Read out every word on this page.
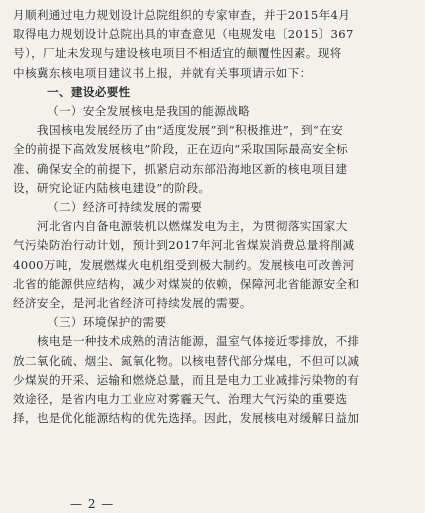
月顺利通过电力规划设计总院组织的专家审查，并于2015年4月
取得电力规划设计总院出具的审查意见（电规发电〔2015〕367
号），厂址未发现与建设核电项目不相适宜的颠覆性因素。现将
中核冀东核电项目建议书上报，并就有关事项请示如下：
一、建设必要性
（一）安全发展核电是我国的能源战略
我国核电发展经历了由“适度发展”到“积极推进”，到“在安
全的前提下高效发展核电”阶段，正在迈向“采取国际最高安全标
准、确保安全的前提下，抓紧启动东部沿海地区新的核电项目建
设，研究论证内陆核电建设”的阶段。
（二）经济可持续发展的需要
河北省内自备电源装机以燃煤发电为主，为贯彻落实国家大
气污染防治行动计划，预计到2017年河北省煤炭消费总量将削减
4000万吨，发展燃煤火电机组受到极大制约。发展核电可改善河
北省的能源供应结构，减少对煤炭的依赖，保障河北省能源安全和
经济安全，是河北省经济可持续发展的需要。
（三）环境保护的需要
核电是一种技术成熟的清洁能源，温室气体接近零排放，不排
放二氧化硫、烟尘、氮氧化物。以核电替代部分煤电，不但可以减
少煤炭的开采、运输和燃烧总量，而且是电力工业减排污染物的有
效途径，是省内电力工业应对雾霾天气、治理大气污染的重要选
择，也是优化能源结构的优先选择。因此，发展核电对缓解日益加
— 2 —
